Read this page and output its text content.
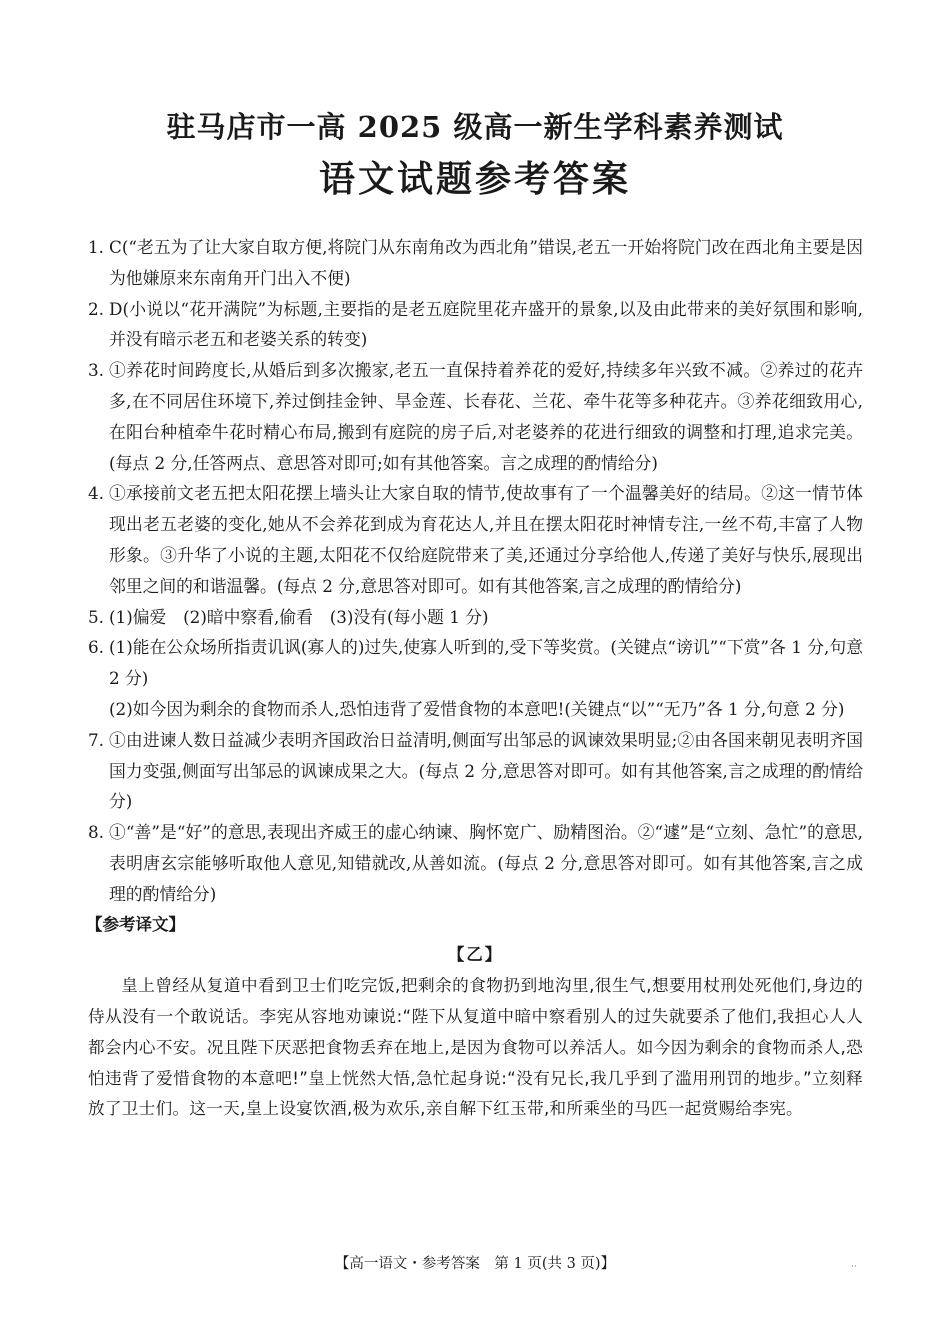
驻马店市一高 2025 级高一新生学科素养测试
语文试题参考答案
1. C(“老五为了让大家自取方便,将院门从东南角改为西北角”错误,老五一开始将院门改在西北角主要是因为他嫌原来东南角开门出入不便)

2. D(小说以“花开满院”为标题,主要指的是老五庭院里花卉盛开的景象,以及由此带来的美好氛围和影响,并没有暗示老五和老婆关系的转变)

3. ①养花时间跨度长,从婚后到多次搬家,老五一直保持着养花的爱好,持续多年兴致不减。②养过的花卉多,在不同居住环境下,养过倒挂金钟、旱金莲、长春花、兰花、牵牛花等多种花卉。③养花细致用心,在阳台种植牵牛花时精心布局,搬到有庭院的房子后,对老婆养的花进行细致的调整和打理,追求完美。(每点 2 分,任答两点、意思答对即可;如有其他答案。言之成理的酌情给分)

4. ①承接前文老五把太阳花摆上墙头让大家自取的情节,使故事有了一个温馨美好的结局。②这一情节体现出老五老婆的变化,她从不会养花到成为育花达人,并且在摆太阳花时神情专注,一丝不苟,丰富了人物形象。③升华了小说的主题,太阳花不仅给庭院带来了美,还通过分享给他人,传递了美好与快乐,展现出邻里之间的和谐温馨。(每点 2 分,意思答对即可。如有其他答案,言之成理的酌情给分)

5. (1)偏爱　(2)暗中察看,偷看　(3)没有(每小题 1 分)

6. (1)能在公众场所指责讥讽(寡人的)过失,使寡人听到的,受下等奖赏。(关键点“谤讥”“下赏”各 1 分,句意 2 分)

(2)如今因为剩余的食物而杀人,恐怕违背了爱惜食物的本意吧!(关键点“以”“无乃”各 1 分,句意 2 分)

7. ①由进谏人数日益减少表明齐国政治日益清明,侧面写出邹忌的讽谏效果明显;②由各国来朝见表明齐国国力变强,侧面写出邹忌的讽谏成果之大。(每点 2 分,意思答对即可。如有其他答案,言之成理的酌情给分)

8. ①“善”是“好”的意思,表现出齐威王的虚心纳谏、胸怀宽广、励精图治。②“遽”是“立刻、急忙”的意思,表明唐玄宗能够听取他人意见,知错就改,从善如流。(每点 2 分,意思答对即可。如有其他答案,言之成理的酌情给分)

【参考译文】
【乙】

皇上曾经从复道中看到卫士们吃完饭,把剩余的食物扔到地沟里,很生气,想要用杖刑处死他们,身边的侍从没有一个敢说话。李宪从容地劝谏说:“陛下从复道中暗中察看别人的过失就要杀了他们,我担心人人都会内心不安。况且陛下厌恶把食物丢弃在地上,是因为食物可以养活人。如今因为剩余的食物而杀人,恐怕违背了爱惜食物的本意吧!”皇上恍然大悟,急忙起身说:“没有兄长,我几乎到了滥用刑罚的地步。”立刻释放了卫士们。这一天,皇上设宴饮酒,极为欢乐,亲自解下红玉带,和所乘坐的马匹一起赏赐给李宪。

【高一语文・参考答案　第 1 页(共 3 页)】	··
